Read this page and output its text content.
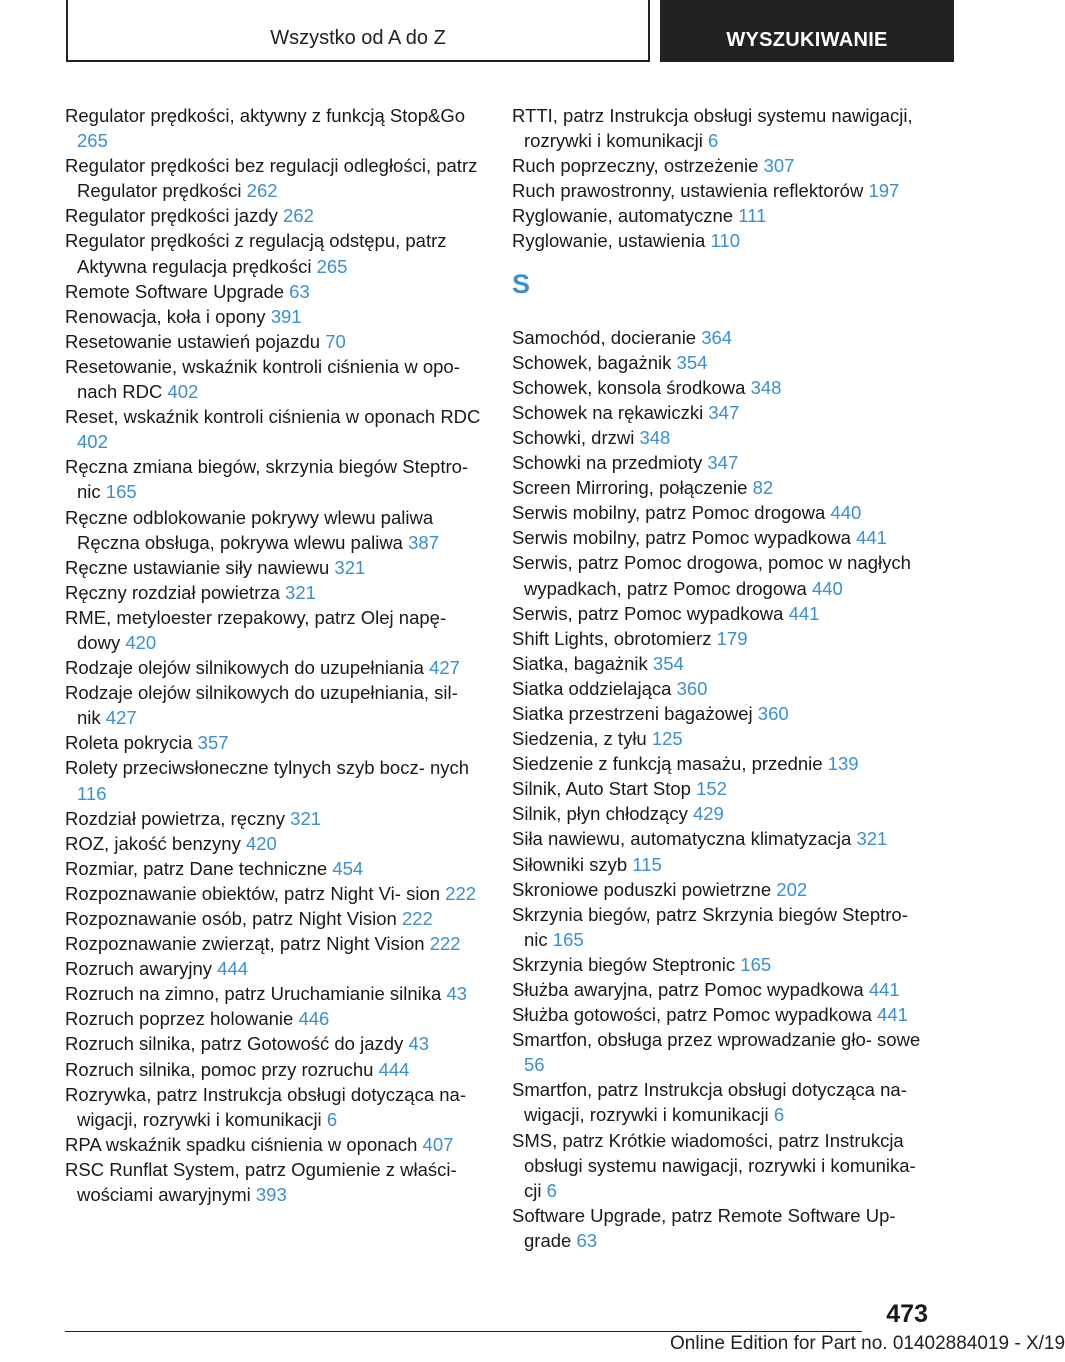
Wszystko od A do Z	WYSZUKIWANIE
Regulator prędkości, aktywny z funkcją Stop&Go 265
Regulator prędkości bez regulacji odległości, patrz Regulator prędkości 262
Regulator prędkości jazdy 262
Regulator prędkości z regulacją odstępu, patrz Aktywna regulacja prędkości 265
Remote Software Upgrade 63
Renowacja, koła i opony 391
Resetowanie ustawień pojazdu 70
Resetowanie, wskaźnik kontroli ciśnienia w opo‐ nach RDC 402
Reset, wskaźnik kontroli ciśnienia w oponach RDC 402
Ręczna zmiana biegów, skrzynia biegów Steptro‐ nic 165
Ręczne odblokowanie pokrywy wlewu paliwa Ręczna obsługa, pokrywa wlewu paliwa 387
Ręczne ustawianie siły nawiewu 321
Ręczny rozdział powietrza 321
RME, metyloester rzepakowy, patrz Olej napę‐ dowy 420
Rodzaje olejów silnikowych do uzupełniania 427
Rodzaje olejów silnikowych do uzupełniania, sil‐ nik 427
Roleta pokrycia 357
Rolety przeciwsłoneczne tylnych szyb bocz‐ nych 116
Rozdział powietrza, ręczny 321
ROZ, jakość benzyny 420
Rozmiar, patrz Dane techniczne 454
Rozpoznawanie obiektów, patrz Night Vi‐ sion 222
Rozpoznawanie osób, patrz Night Vision 222
Rozpoznawanie zwierząt, patrz Night Vision 222
Rozruch awaryjny 444
Rozruch na zimno, patrz Uruchamianie silnika 43
Rozruch poprzez holowanie 446
Rozruch silnika, patrz Gotowość do jazdy 43
Rozruch silnika, pomoc przy rozruchu 444
Rozrywka, patrz Instrukcja obsługi dotycząca na‐ wigacji, rozrywki i komunikacji 6
RPA wskaźnik spadku ciśnienia w oponach 407
RSC Runflat System, patrz Ogumienie z właści‐ wościami awaryjnymi 393
RTTI, patrz Instrukcja obsługi systemu nawigacji, rozrywki i komunikacji 6
Ruch poprzeczny, ostrzeżenie 307
Ruch prawostronny, ustawienia reflektorów 197
Ryglowanie, automatyczne 111
Ryglowanie, ustawienia 110
S
Samochód, docieranie 364
Schowek, bagażnik 354
Schowek, konsola środkowa 348
Schowek na rękawiczki 347
Schowki, drzwi 348
Schowki na przedmioty 347
Screen Mirroring, połączenie 82
Serwis mobilny, patrz Pomoc drogowa 440
Serwis mobilny, patrz Pomoc wypadkowa 441
Serwis, patrz Pomoc drogowa, pomoc w nagłych wypadkach, patrz Pomoc drogowa 440
Serwis, patrz Pomoc wypadkowa 441
Shift Lights, obrotomierz 179
Siatka, bagażnik 354
Siatka oddzielająca 360
Siatka przestrzeni bagażowej 360
Siedzenia, z tyłu 125
Siedzenie z funkcją masażu, przednie 139
Silnik, Auto Start Stop 152
Silnik, płyn chłodzący 429
Siła nawiewu, automatyczna klimatyzacja 321
Siłowniki szyb 115
Skroniowe poduszki powietrzne 202
Skrzynia biegów, patrz Skrzynia biegów Steptro‐ nic 165
Skrzynia biegów Steptronic 165
Służba awaryjna, patrz Pomoc wypadkowa 441
Służba gotowości, patrz Pomoc wypadkowa 441
Smartfon, obsługa przez wprowadzanie gło‐ sowe 56
Smartfon, patrz Instrukcja obsługi dotycząca na‐ wigacji, rozrywki i komunikacji 6
SMS, patrz Krótkie wiadomości, patrz Instrukcja obsługi systemu nawigacji, rozrywki i komunika‐ cji 6
Software Upgrade, patrz Remote Software Up‐ grade 63
473
Online Edition for Part no. 01402884019 - X/19
